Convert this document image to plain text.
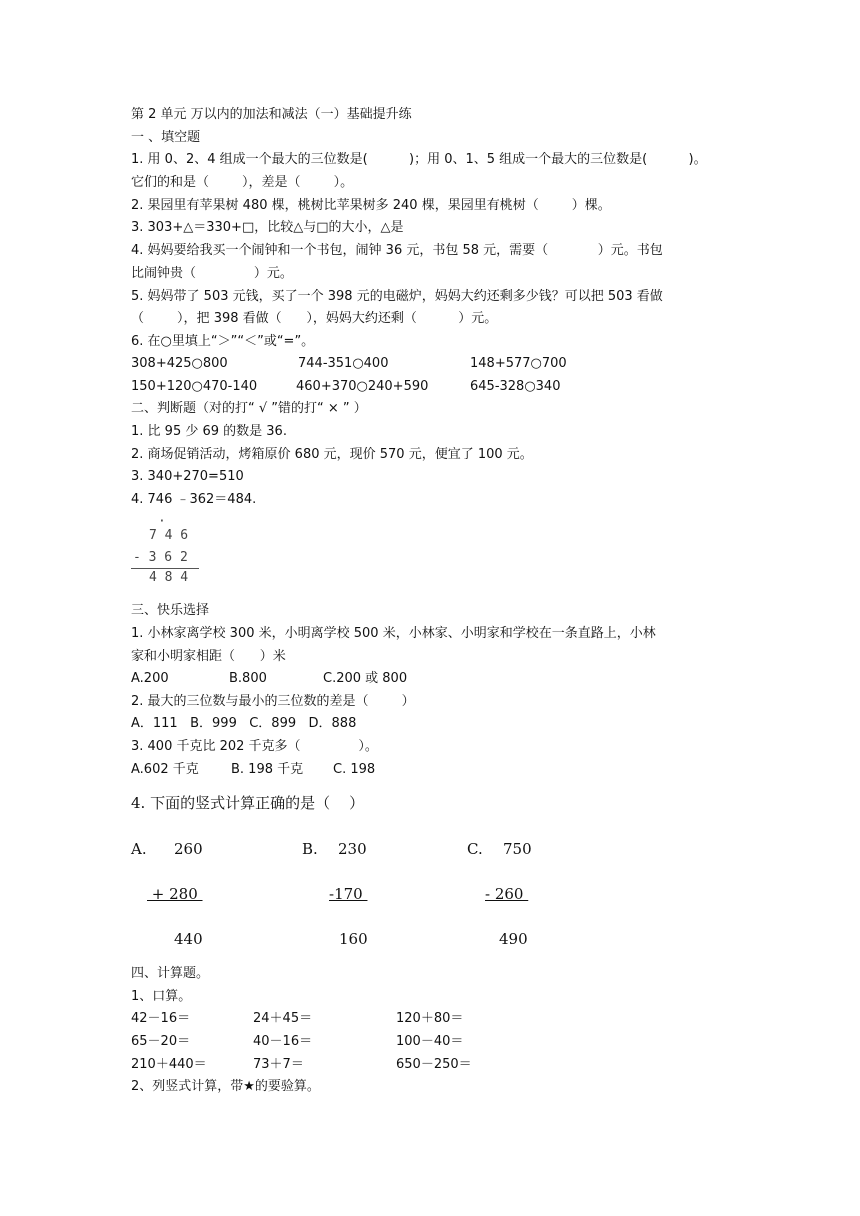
第 2 单元 万以内的加法和减法（一）基础提升练
一 、填空题
1. 用 0、2、4 组成一个最大的三位数是(          )；用 0、1、5 组成一个最大的三位数是(          )。
它们的和是（        ），差是（        ）。
2. 果园里有苹果树 480 棵，桃树比苹果树多 240 棵，果园里有桃树（        ）棵。
3. 303+△＝330+□，比较△与□的大小，△是
4. 妈妈要给我买一个闹钟和一个书包，闹钟 36 元，书包 58 元，需要（            ）元。书包
比闹钟贵（              ）元。
5. 妈妈带了 503 元钱，买了一个 398 元的电磁炉，妈妈大约还剩多少钱？可以把 503 看做
（        ），把 398 看做（      ），妈妈大约还剩（          ）元。
6. 在○里填上“＞”“＜”或“=”。
308+425○800	744-351○400	148+577○700
150+120○470-140	460+370○240+590	645-328○340
二、判断题（对的打“ √ ”错的打“ × ” ）
1. 比 95 少 69 的数是 36.
2. 商场促销活动，烤箱原价 680 元，现价 570 元，便宜了 100 元。
3. 340+270=510
4. 746 ﹣362＝484.
·
7 4 6
- 3 6 2
4 8 4
三、快乐选择
1. 小林家离学校 300 米，小明离学校 500 米，小林家、小明家和学校在一条直路上，小林
家和小明家相距（      ）米
A.200	B.800	C.200 或 800
2. 最大的三位数与最小的三位数的差是（        ）
A．111   B．999   C．899   D．888
3. 400 千克比 202 千克多（              ）。
A.602 千克 B. 198 千克 C. 198
4. 下面的竖式计算正确的是（    ）
A. 260	B. 230	C. 750
+ 280	-170	- 260
440	160	490
四、计算题。
1、口算。
42－16＝	24＋45＝	120＋80＝
65－20＝	40－16＝	100－40＝
210＋440＝	73＋7＝	650－250＝
2、列竖式计算，带★的要验算。
